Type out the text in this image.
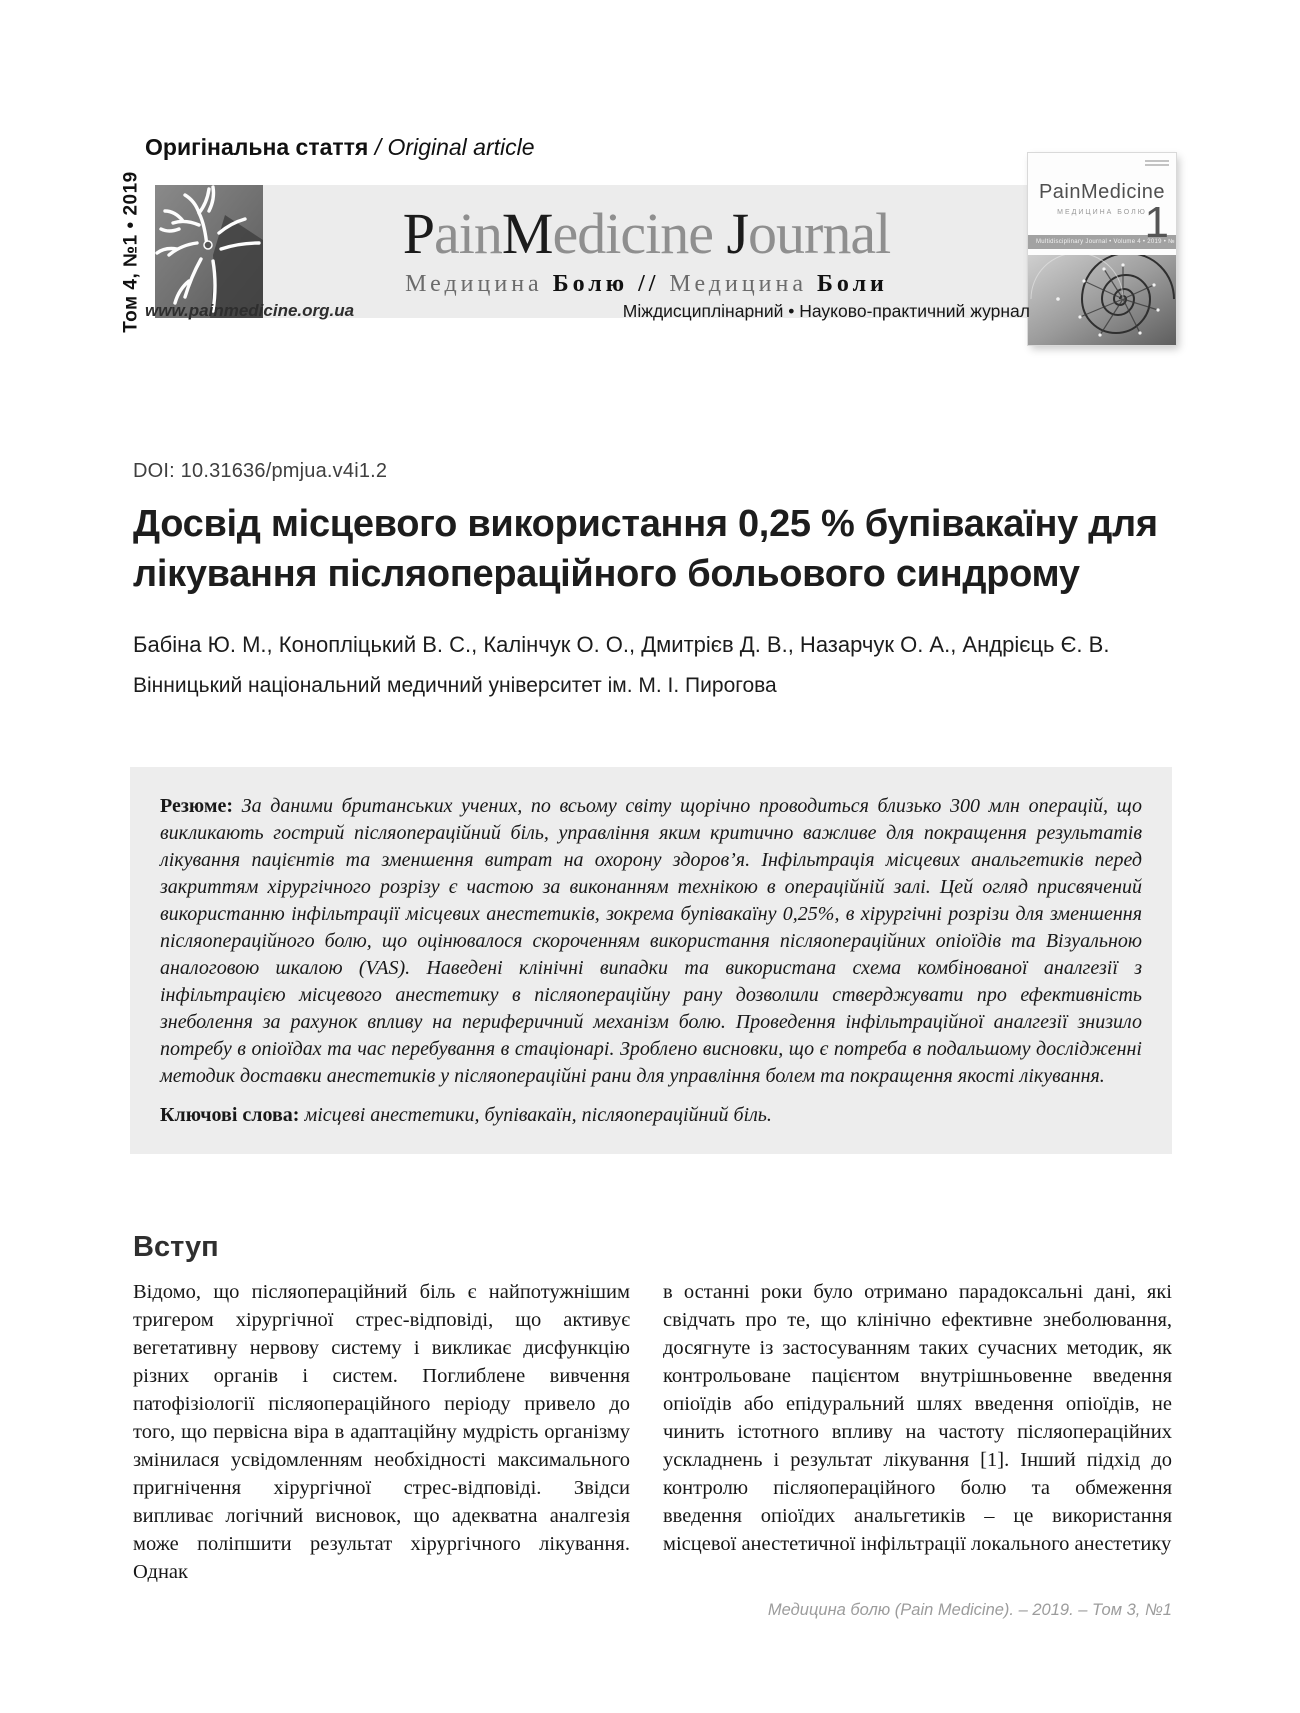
Оригінальна стаття / Original article
Том 4, №1 • 2019	PainMedicine Journal
Медицина Болю // Медицина Боли
PainMedicine
МЕДИЦИНА БОЛЮ
Multidisciplinary Journal • Volume 4 • 2019 • №
1
www.painmedicine.org.ua	Міждисциплінарний • Науково-практичний журнал
DOI: 10.31636/pmjua.v4i1.2
Досвід місцевого використання 0,25 % бупівакаїну для
лікування післяопераційного больового синдрому
Бабіна Ю. М., Конопліцький В. С., Калінчук О. О., Дмитрієв Д. В., Назарчук О. А., Андрієць Є. В.
Вінницький національний медичний університет ім. М. І. Пирогова

Резюме: За даними британських учених, по всьому світу щорічно проводиться близько 300 млн операцій, що викликають гострий післяопераційний біль, управління яким критично важливе для покращення результатів лікування пацієнтів та зменшення витрат на охорону здоров’я. Інфільтрація місцевих анальгетиків перед закриттям хірургічного розрізу є частою за виконанням технікою в операційній залі. Цей огляд присвячений використанню інфільтрації місцевих анестетиків, зокрема бупівакаїну 0,25%, в хірургічні розрізи для зменшення післяопераційного болю, що оцінювалося скороченням використання післяопераційних опіоїдів та Візуальною аналоговою шкалою (VAS). Наведені клінічні випадки та використана схема комбінованої аналгезії з інфільтрацією місцевого анестетику в післяопераційну рану дозволили стверджувати про ефективність знеболення за рахунок впливу на периферичний механізм болю. Проведення інфільтраційної аналгезії знизило потребу в опіоїдах та час перебування в стаціонарі. Зроблено висновки, що є потреба в подальшому дослідженні методик доставки анестетиків у післяопераційні рани для управління болем та покращення якості лікування.

Ключові слова: місцеві анестетики, бупівакаїн, післяопераційний біль.

Вступ
Відомо, що післяопераційний біль є найпотужнішим тригером хірургічної стрес-відповіді, що активує вегетативну нервову систему і викликає дисфункцію різних органів і систем. Поглиблене вивчення патофізіології післяопераційного періоду привело до того, що первісна віра в адаптаційну мудрість організму змінилася усвідомленням необхідності максимального пригнічення хірургічної стрес-відповіді. Звідси випливає логічний висновок, що адекватна аналгезія може поліпшити результат хірургічного лікування. Однак
в останні роки було отримано парадоксальні дані, які свідчать про те, що клінічно ефективне знеболювання, досягнуте із застосуванням таких сучасних методик, як контрольоване пацієнтом внутрішньовенне введення опіоїдів або епідуральний шлях введення опіоїдів, не чинить істотного впливу на частоту післяопераційних ускладнень і результат лікування [1]. Інший підхід до контролю післяопераційного болю та обмеження введення опіоїдих анальгетиків – це використання місцевої анестетичної інфільтрації локального анестетику
Медицина болю (Pain Medicine). – 2019. – Том 3, №1
